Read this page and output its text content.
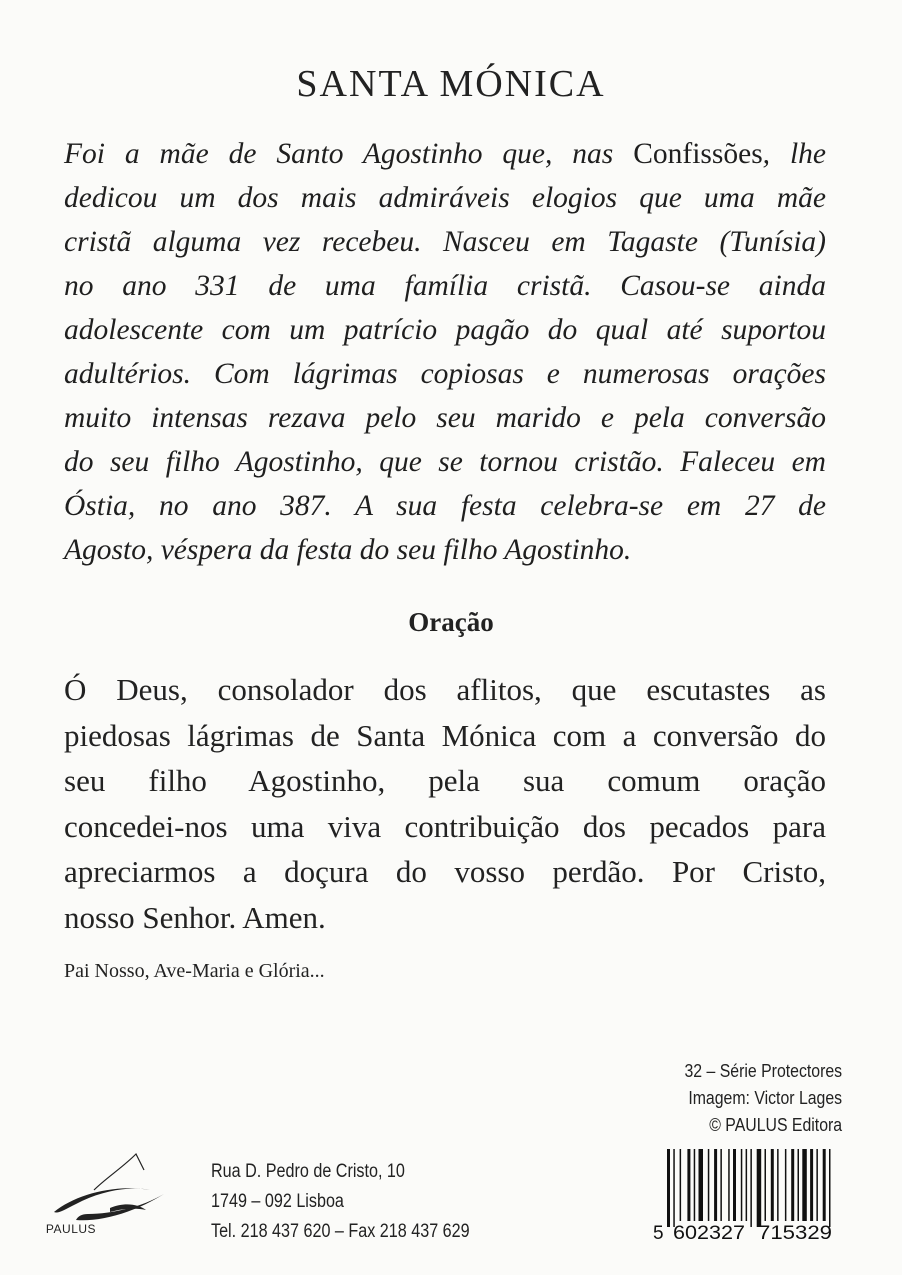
SANTA MÓNICA

Foi a mãe de Santo Agostinho que, nas Confissões, lhe
dedicou um dos mais admiráveis elogios que uma mãe
cristã alguma vez recebeu. Nasceu em Tagaste (Tunísia)
no ano 331 de uma família cristã. Casou-se ainda
adolescente com um patrício pagão do qual até suportou
adultérios. Com lágrimas copiosas e numerosas orações
muito intensas rezava pelo seu marido e pela conversão
do seu filho Agostinho, que se tornou cristão. Faleceu em
Óstia, no ano 387. A sua festa celebra-se em 27 de
Agosto, véspera da festa do seu filho Agostinho.

Oração

Ó Deus, consolador dos aflitos, que escutastes as
piedosas lágrimas de Santa Mónica com a conversão do
seu filho Agostinho, pela sua comum oração
concedei-nos uma viva contribuição dos pecados para
apreciarmos a doçura do vosso perdão. Por Cristo,
nosso Senhor. Amen.

Pai Nosso, Ave-Maria e Glória...

32 – Série Protectores
Imagem: Victor Lages
© PAULUS Editora
PAULUS
Rua D. Pedro de Cristo, 10
1749 – 092 Lisboa
Tel. 218 437 620 – Fax 218 437 629	5 602327 715329
